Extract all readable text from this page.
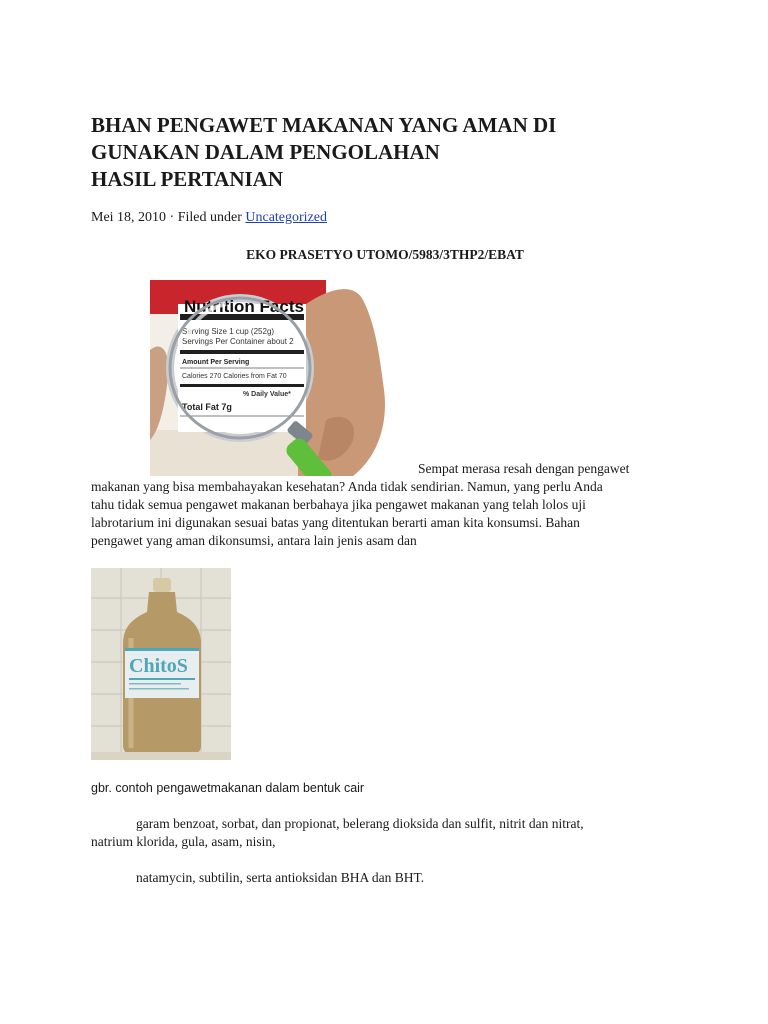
BHAN PENGAWET MAKANAN YANG AMAN DI
GUNAKAN DALAM PENGOLAHAN
HASIL PERTANIAN
Mei 18, 2010 · Filed under Uncategorized
EKO PRASETYO UTOMO/5983/3THP2/EBAT
Nutrition Facts
Serving Size 1 cup (252g)
Servings Per Container about 2
Amount Per Serving
Calories 270 Calories from Fat 70
% Daily Value*
Total Fat 7g
Sempat merasa resah dengan pengawet
makanan yang bisa membahayakan kesehatan? Anda tidak sendirian. Namun, yang perlu Anda
tahu tidak semua pengawet makanan berbahaya jika pengawet makanan yang telah lolos uji
labrotarium ini digunakan sesuai batas yang ditentukan berarti aman kita konsumsi. Bahan
pengawet yang aman dikonsumsi, antara lain jenis asam dan
ChitoS
gbr. contoh pengawetmakanan dalam bentuk cair
garam benzoat, sorbat, dan propionat, belerang dioksida dan sulfit, nitrit dan nitrat,
natrium klorida, gula, asam, nisin,
natamycin, subtilin, serta antioksidan BHA dan BHT.
